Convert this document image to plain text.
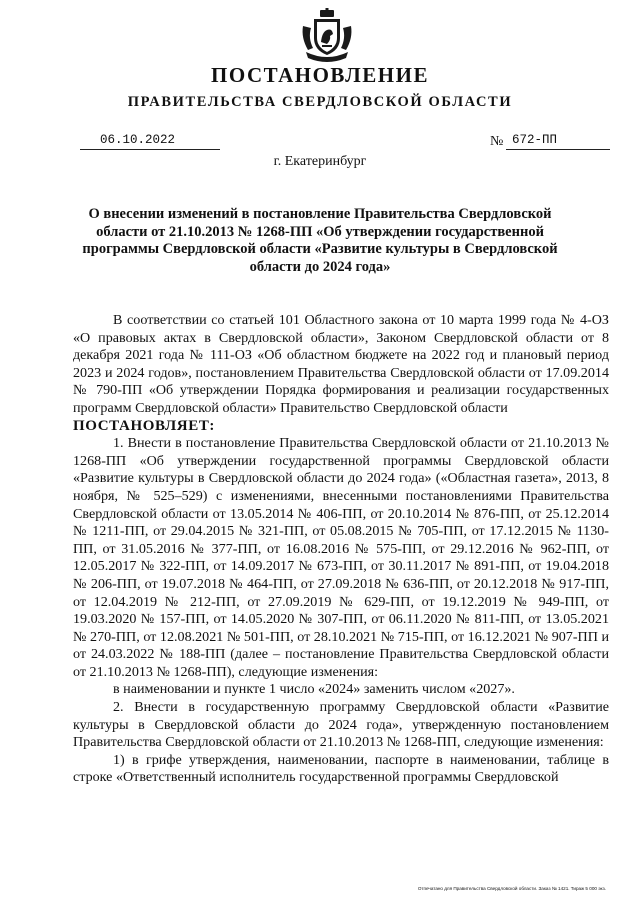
ПОСТАНОВЛЕНИЕ
ПРАВИТЕЛЬСТВА СВЕРДЛОВСКОЙ ОБЛАСТИ
06.10.2022	№ 672-ПП
г. Екатеринбург
О внесении изменений в постановление Правительства Свердловской области от 21.10.2013 № 1268-ПП «Об утверждении государственной программы Свердловской области «Развитие культуры в Свердловской области до 2024 года»

В соответствии со статьей 101 Областного закона от 10 марта 1999 года № 4-ОЗ «О правовых актах в Свердловской области», Законом Свердловской области от 8 декабря 2021 года № 111-ОЗ «Об областном бюджете на 2022 год и плановый период 2023 и 2024 годов», постановлением Правительства Свердловской области от 17.09.2014 № 790-ПП «Об утверждении Порядка формирования и реализации государственных программ Свердловской области» Правительство Свердловской области

ПОСТАНОВЛЯЕТ:

1. Внести в постановление Правительства Свердловской области от 21.10.2013 № 1268-ПП «Об утверждении государственной программы Свердловской области «Развитие культуры в Свердловской области до 2024 года» («Областная газета», 2013, 8 ноября, № 525–529) с изменениями, внесенными постановлениями Правительства Свердловской области от 13.05.2014 № 406-ПП, от 20.10.2014 № 876-ПП, от 25.12.2014 № 1211-ПП, от 29.04.2015 № 321-ПП, от 05.08.2015 № 705-ПП, от 17.12.2015 № 1130-ПП, от 31.05.2016 № 377-ПП, от 16.08.2016 № 575-ПП, от 29.12.2016 № 962-ПП, от 12.05.2017 № 322-ПП, от 14.09.2017 № 673-ПП, от 30.11.2017 № 891-ПП, от 19.04.2018 № 206-ПП, от 19.07.2018 № 464-ПП, от 27.09.2018 № 636-ПП, от 20.12.2018 № 917-ПП, от 12.04.2019 № 212-ПП, от 27.09.2019 № 629-ПП, от 19.12.2019 № 949-ПП, от 19.03.2020 № 157-ПП, от 14.05.2020 № 307-ПП, от 06.11.2020 № 811-ПП, от 13.05.2021 № 270-ПП, от 12.08.2021 № 501-ПП, от 28.10.2021 № 715-ПП, от 16.12.2021 № 907-ПП и от 24.03.2022 № 188-ПП (далее – постановление Правительства Свердловской области от 21.10.2013 № 1268-ПП), следующие изменения:

в наименовании и пункте 1 число «2024» заменить числом «2027».

2. Внести в государственную программу Свердловской области «Развитие культуры в Свердловской области до 2024 года», утвержденную постановлением Правительства Свердловской области от 21.10.2013 № 1268-ПП, следующие изменения:

1) в грифе утверждения, наименовании, паспорте в наименовании, таблице в строке «Ответственный исполнитель государственной программы Свердловской

Отпечатано для Правительства Свердловской области. Заказ № 1421. Тираж 5 000 экз.
